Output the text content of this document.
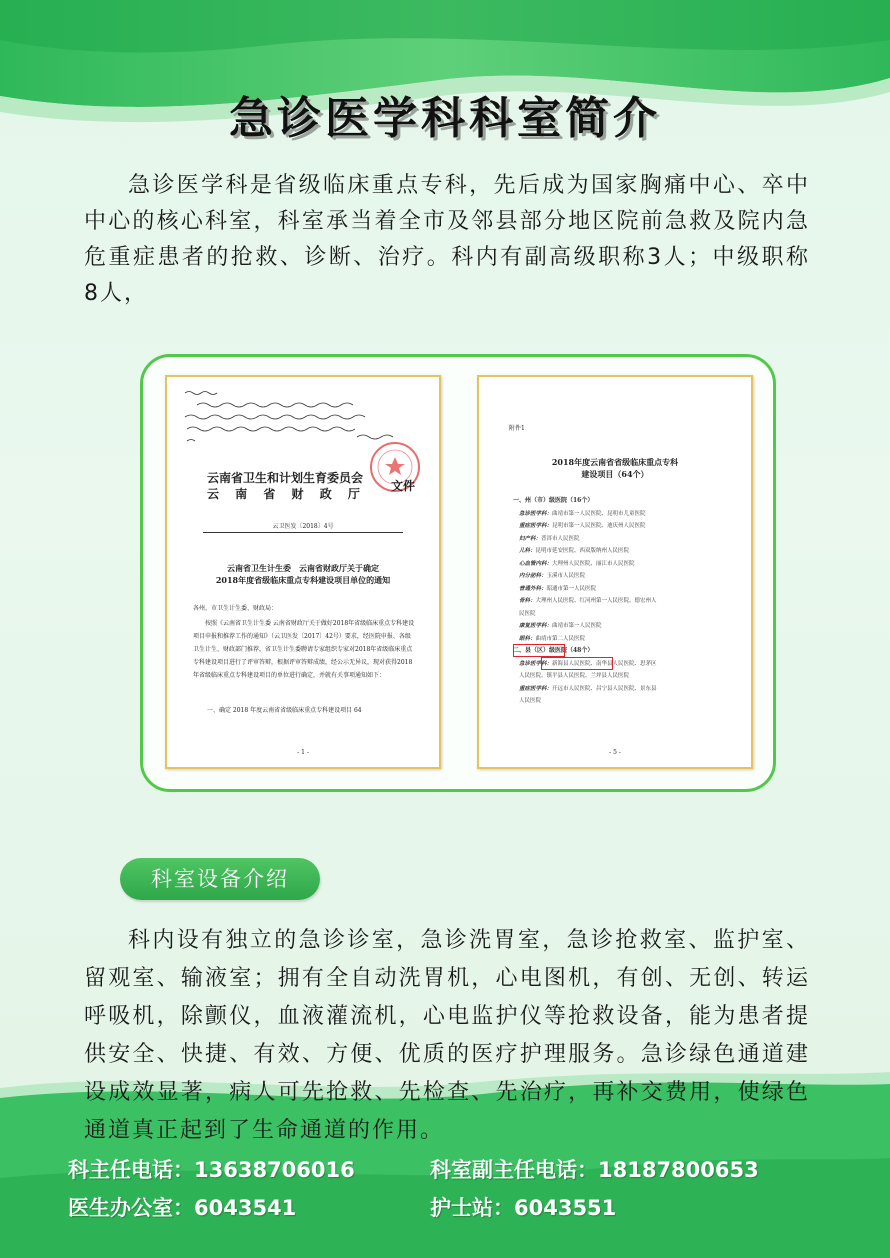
急诊医学科科室简介
急诊医学科是省级临床重点专科，先后成为国家胸痛中心、卒中中心的核心科室，科室承当着全市及邻县部分地区院前急救及院内急危重症患者的抢救、诊断、治疗。科内有副高级职称3人；中级职称8人，
云南省卫生和计划生育委员会
云 南 省 财 政 厅
文件
云卫医发〔2018〕4号
云南省卫生计生委　云南省财政厅关于确定
2018年度省级临床重点专科建设项目单位的通知
各州、市卫生计生委、财政局：
按照《云南省卫生计生委 云南省财政厅关于做好2018年省级临床重点专科建设项目申报和推荐工作的通知》（云卫医发〔2017〕42号）要求，经医院申报、各级卫生计生、财政部门推荐，省卫生计生委聘请专家组织专家对2018年省级临床重点专科建设项目进行了评审答辩，根据评审答辩成绩，经公示无异议，现对获得2018年省级临床重点专科建设项目的单位进行确定，并就有关事项通知如下：
一、确定 2018 年度云南省省级临床重点专科建设项目 64
- 1 -
附件1
2018年度云南省省级临床重点专科
建设项目（64个）
一、州（市）级医院（16个）
急诊医学科：曲靖市第一人民医院、昆明市儿童医院
重症医学科：昆明市第一人民医院、迪庆州人民医院
妇产科：普洱市人民医院
儿科：昆明市延安医院、西双版纳州人民医院
心血管内科：大理州人民医院、丽江市人民医院
内分泌科：玉溪市人民医院
普通外科：昭通市第一人民医院
骨科：大理州人民医院、红河州第一人民医院、德宏州人
民医院
康复医学科：曲靖市第一人民医院
眼科：曲靖市第二人民医院
二、县（区）级医院（48个）
急诊医学科：新海县人民医院、南华县人民医院、思茅区
人民医院、镇平县人民医院、兰坪县人民医院
重症医学科：开远市人民医院、昌宁县人民医院、景东县
人民医院
- 5 -
科室设备介绍
科内设有独立的急诊诊室，急诊洗胃室，急诊抢救室、监护室、留观室、输液室；拥有全自动洗胃机，心电图机，有创、无创、转运呼吸机，除颤仪，血液灌流机，心电监护仪等抢救设备，能为患者提供安全、快捷、有效、方便、优质的医疗护理服务。急诊绿色通道建设成效显著，病人可先抢救、先检查、先治疗，再补交费用，使绿色通道真正起到了生命通道的作用。
科主任电话：13638706016	科室副主任电话：18187800653
医生办公室：6043541	护士站：6043551
